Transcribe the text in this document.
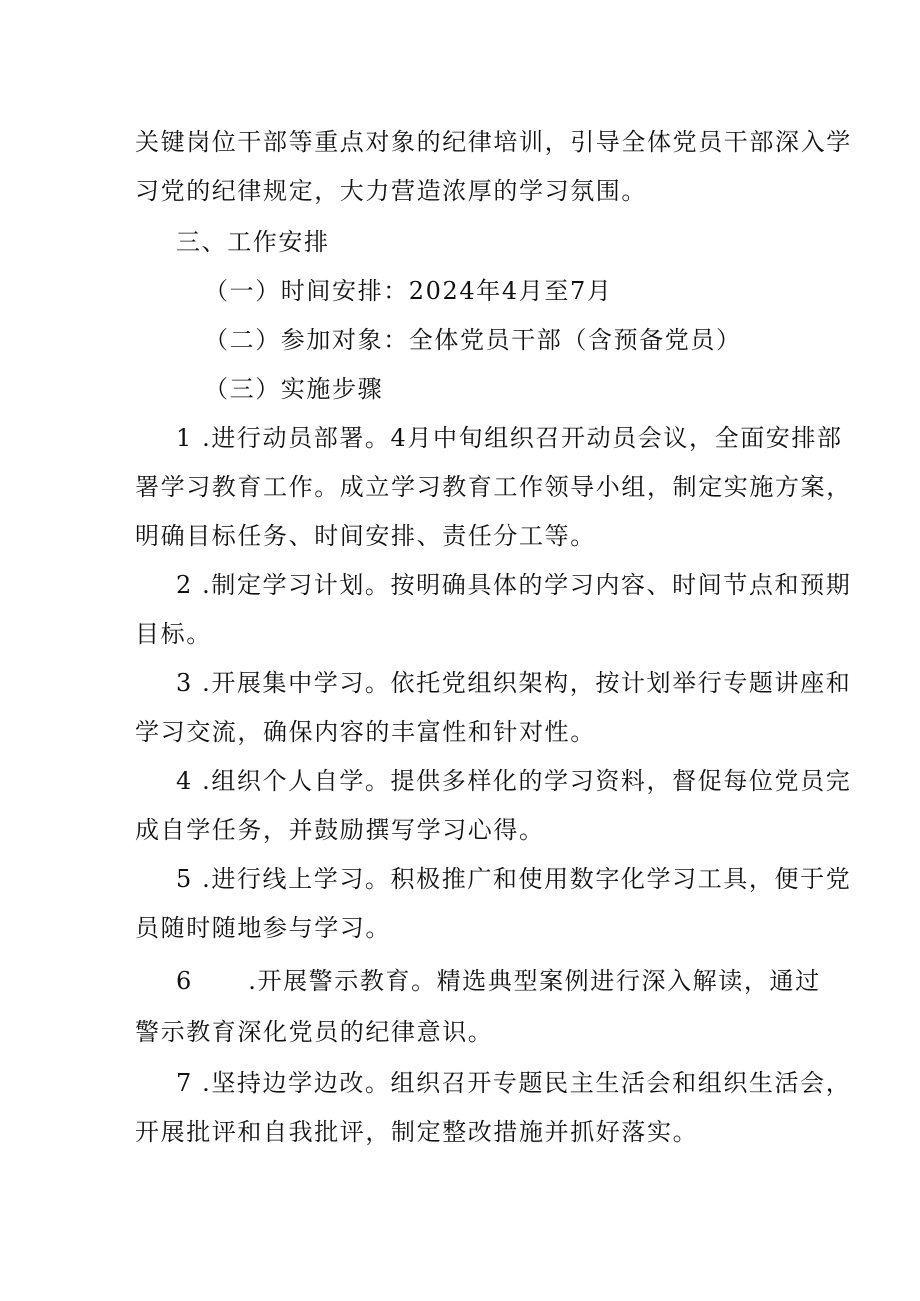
关键岗位干部等重点对象的纪律培训，引导全体党员干部深入学
习党的纪律规定，大力营造浓厚的学习氛围。
三、工作安排
（一）时间安排：2024年4月至7月
（二）参加对象：全体党员干部（含预备党员）
（三）实施步骤
1 .进行动员部署。4月中旬组织召开动员会议，全面安排部
署学习教育工作。成立学习教育工作领导小组，制定实施方案，
明确目标任务、时间安排、责任分工等。
2 .制定学习计划。按明确具体的学习内容、时间节点和预期
目标。
3 .开展集中学习。依托党组织架构，按计划举行专题讲座和
学习交流，确保内容的丰富性和针对性。
4 .组织个人自学。提供多样化的学习资料，督促每位党员完
成自学任务，并鼓励撰写学习心得。
5 .进行线上学习。积极推广和使用数字化学习工具，便于党
员随时随地参与学习。
6      .开展警示教育。精选典型案例进行深入解读，通过
警示教育深化党员的纪律意识。
7 .坚持边学边改。组织召开专题民主生活会和组织生活会，
开展批评和自我批评，制定整改措施并抓好落实。
